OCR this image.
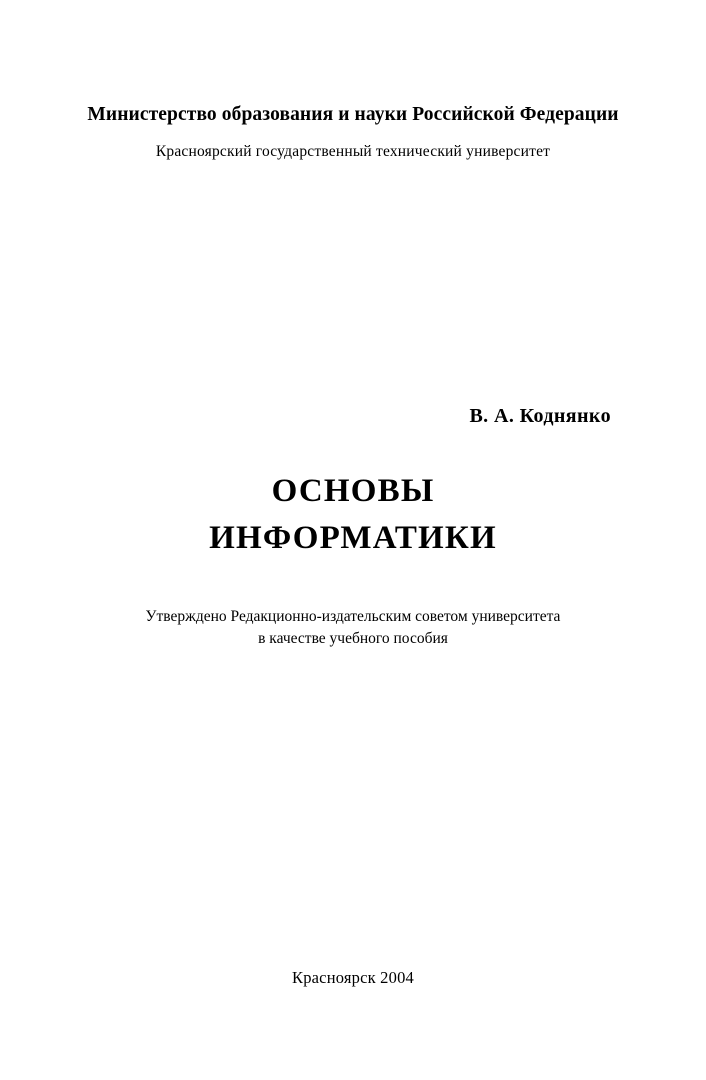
Министерство образования и науки Российской Федерации
Красноярский государственный технический университет
В. А. Коднянко
ОСНОВЫ
ИНФОРМАТИКИ
Утверждено Редакционно-издательским советом университета
в качестве учебного пособия
Красноярск 2004
